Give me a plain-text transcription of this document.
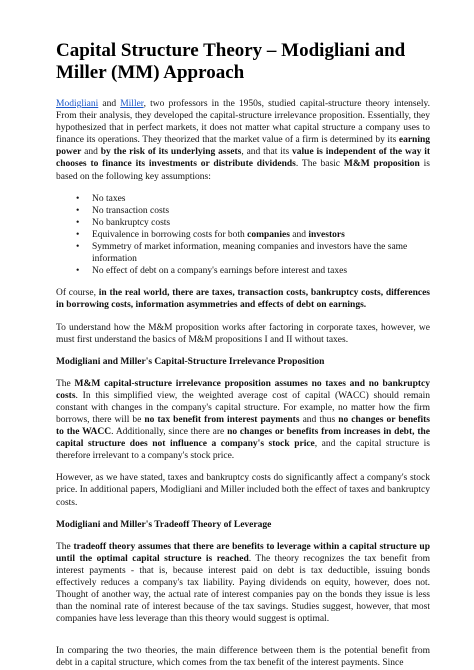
Capital Structure Theory – Modigliani and Miller (MM) Approach

Modigliani and Miller, two professors in the 1950s, studied capital-structure theory intensely. From their analysis, they developed the capital-structure irrelevance proposition. Essentially, they hypothesized that in perfect markets, it does not matter what capital structure a company uses to finance its operations. They theorized that the market value of a firm is determined by its earning power and by the risk of its underlying assets, and that its value is independent of the way it chooses to finance its investments or distribute dividends. The basic M&M proposition is based on the following key assumptions:

• No taxes
• No transaction costs
• No bankruptcy costs
• Equivalence in borrowing costs for both companies and investors
• Symmetry of market information, meaning companies and investors have the same information
• No effect of debt on a company's earnings before interest and taxes

Of course, in the real world, there are taxes, transaction costs, bankruptcy costs, differences in borrowing costs, information asymmetries and effects of debt on earnings.

To understand how the M&M proposition works after factoring in corporate taxes, however, we must first understand the basics of M&M propositions I and II without taxes.

Modigliani and Miller's Capital-Structure Irrelevance Proposition

The M&M capital-structure irrelevance proposition assumes no taxes and no bankruptcy costs. In this simplified view, the weighted average cost of capital (WACC) should remain constant with changes in the company's capital structure. For example, no matter how the firm borrows, there will be no tax benefit from interest payments and thus no changes or benefits to the WACC. Additionally, since there are no changes or benefits from increases in debt, the capital structure does not influence a company's stock price, and the capital structure is therefore irrelevant to a company's stock price.

However, as we have stated, taxes and bankruptcy costs do significantly affect a company's stock price. In additional papers, Modigliani and Miller included both the effect of taxes and bankruptcy costs.

Modigliani and Miller's Tradeoff Theory of Leverage

The tradeoff theory assumes that there are benefits to leverage within a capital structure up until the optimal capital structure is reached. The theory recognizes the tax benefit from interest payments - that is, because interest paid on debt is tax deductible, issuing bonds effectively reduces a company's tax liability. Paying dividends on equity, however, does not. Thought of another way, the actual rate of interest companies pay on the bonds they issue is less than the nominal rate of interest because of the tax savings. Studies suggest, however, that most companies have less leverage than this theory would suggest is optimal.

In comparing the two theories, the main difference between them is the potential benefit from debt in a capital structure, which comes from the tax benefit of the interest payments. Since
